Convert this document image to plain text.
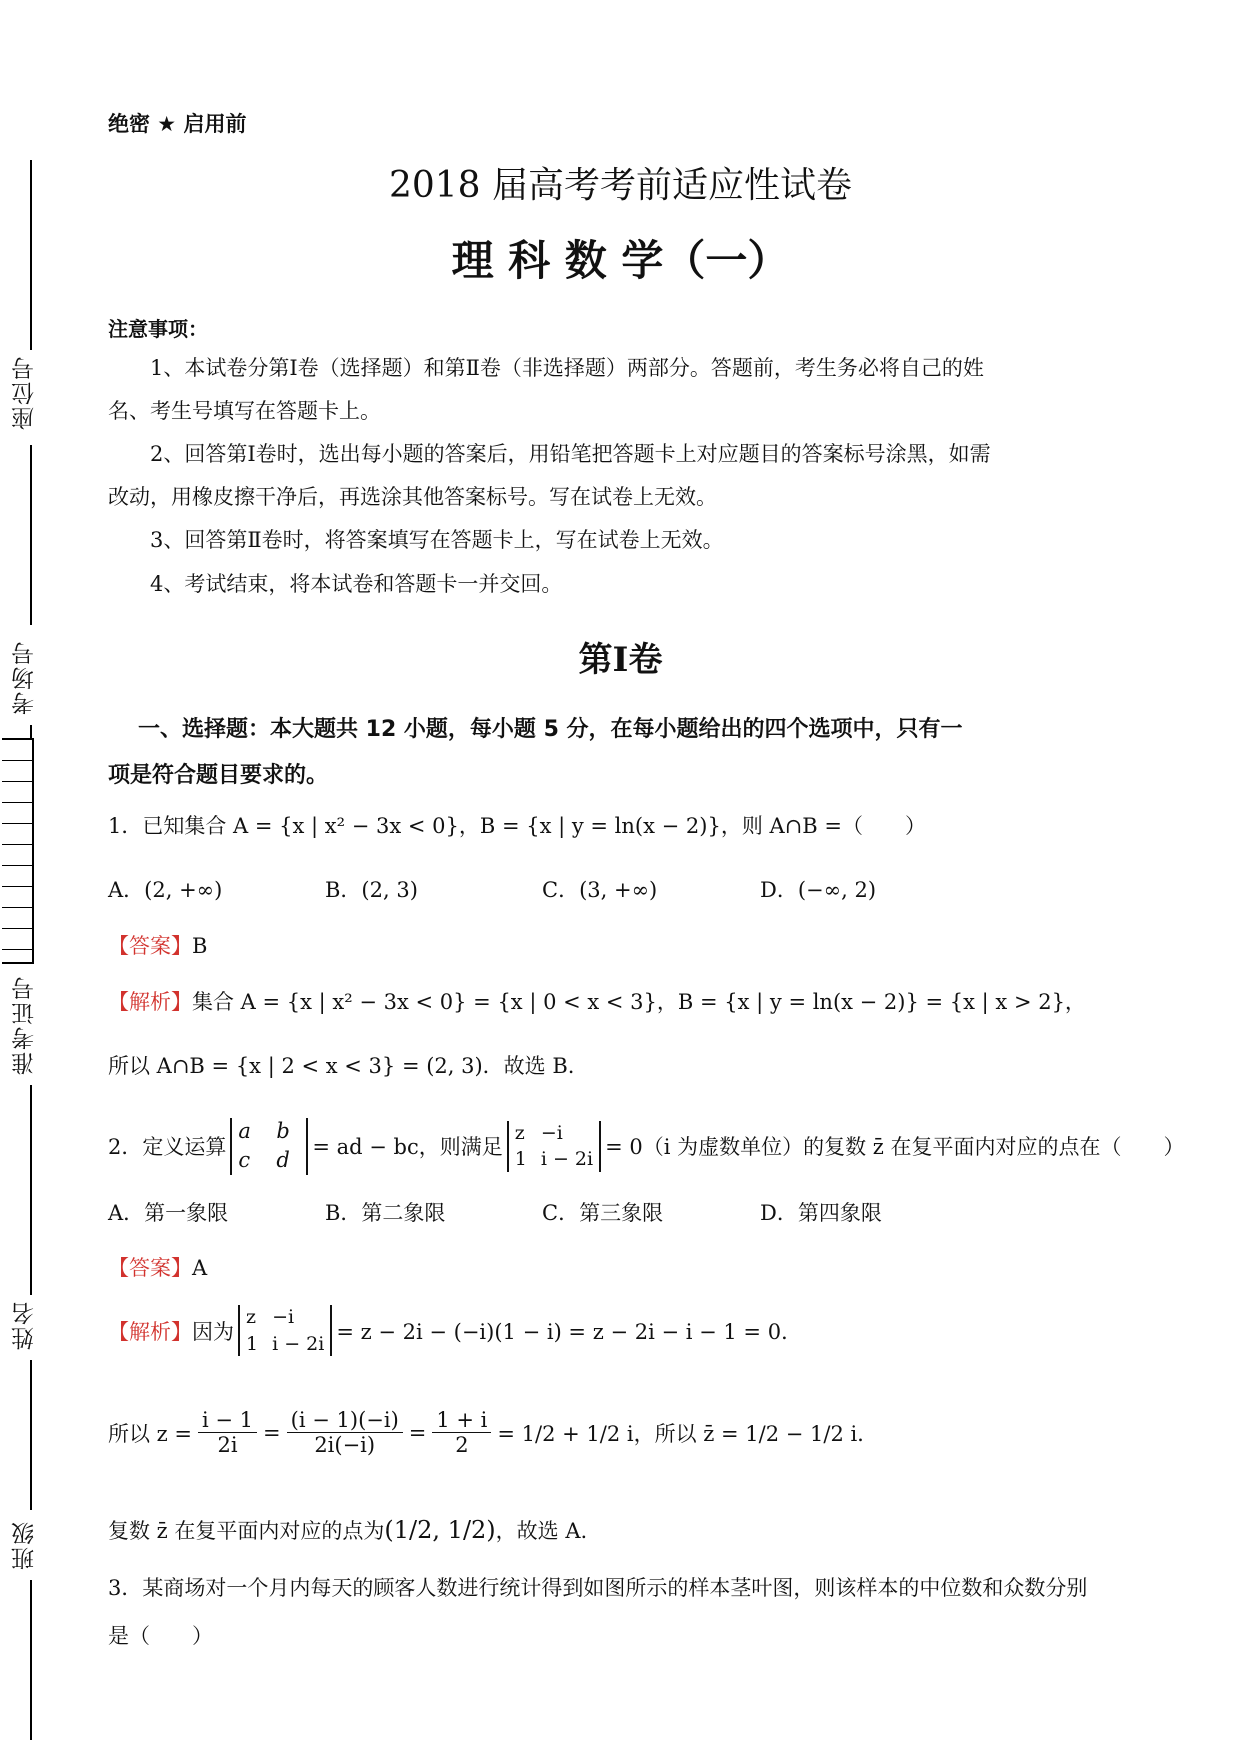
座位号
考场号
准考证号
姓名
班级
绝密 ★ 启用前
2018 届高考考前适应性试卷
理 科 数 学（一）
注意事项：
1、本试卷分第Ⅰ卷（选择题）和第Ⅱ卷（非选择题）两部分。答题前，考生务必将自己的姓
名、考生号填写在答题卡上。
2、回答第Ⅰ卷时，选出每小题的答案后，用铅笔把答题卡上对应题目的答案标号涂黑，如需
改动，用橡皮擦干净后，再选涂其他答案标号。写在试卷上无效。
3、回答第Ⅱ卷时，将答案填写在答题卡上，写在试卷上无效。
4、考试结束，将本试卷和答题卡一并交回。
第Ⅰ卷
一、选择题：本大题共 12 小题，每小题 5 分，在每小题给出的四个选项中，只有一
项是符合题目要求的。
1．已知集合 A = {x | x² − 3x < 0}，B = {x | y = ln(x − 2)}，则 A∩B =（　　）
A．(2, +∞)	B．(2, 3)	C．(3, +∞)	D．(−∞, 2)
【答案】B
【解析】集合 A = {x | x² − 3x < 0} = {x | 0 < x < 3}，B = {x | y = ln(x − 2)} = {x | x > 2}，
所以 A∩B = {x | 2 < x < 3} = (2, 3)．故选 B.
2．定义运算
a	b
c	d
= ad − bc，则满足
z −i
1 i − 2i = 0（i 为虚数单位）的复数 z̄ 在复平面内对应的点在（　　）
A．第一象限	B．第二象限	C．第三象限	D．第四象限
【答案】A
【解析】 因为
z −i
1 i − 2i = z − 2i − (−i)(1 − i) = z − 2i − i − 1 = 0．
所以 $z = \frac{i - 1}{2i} = \frac{(i - 1)(-i)}{2i(-i)} = \frac{1 + i}{2} = 1/2 + 1/2$ i，所以 z̄ = 1/2 − 1/2 i．
复数 z̄ 在复平面内对应的点为(1/2, 1/2)，故选 A.
3．某商场对一个月内每天的顾客人数进行统计得到如图所示的样本茎叶图，则该样本的中位数和众数分别
是（　　）
